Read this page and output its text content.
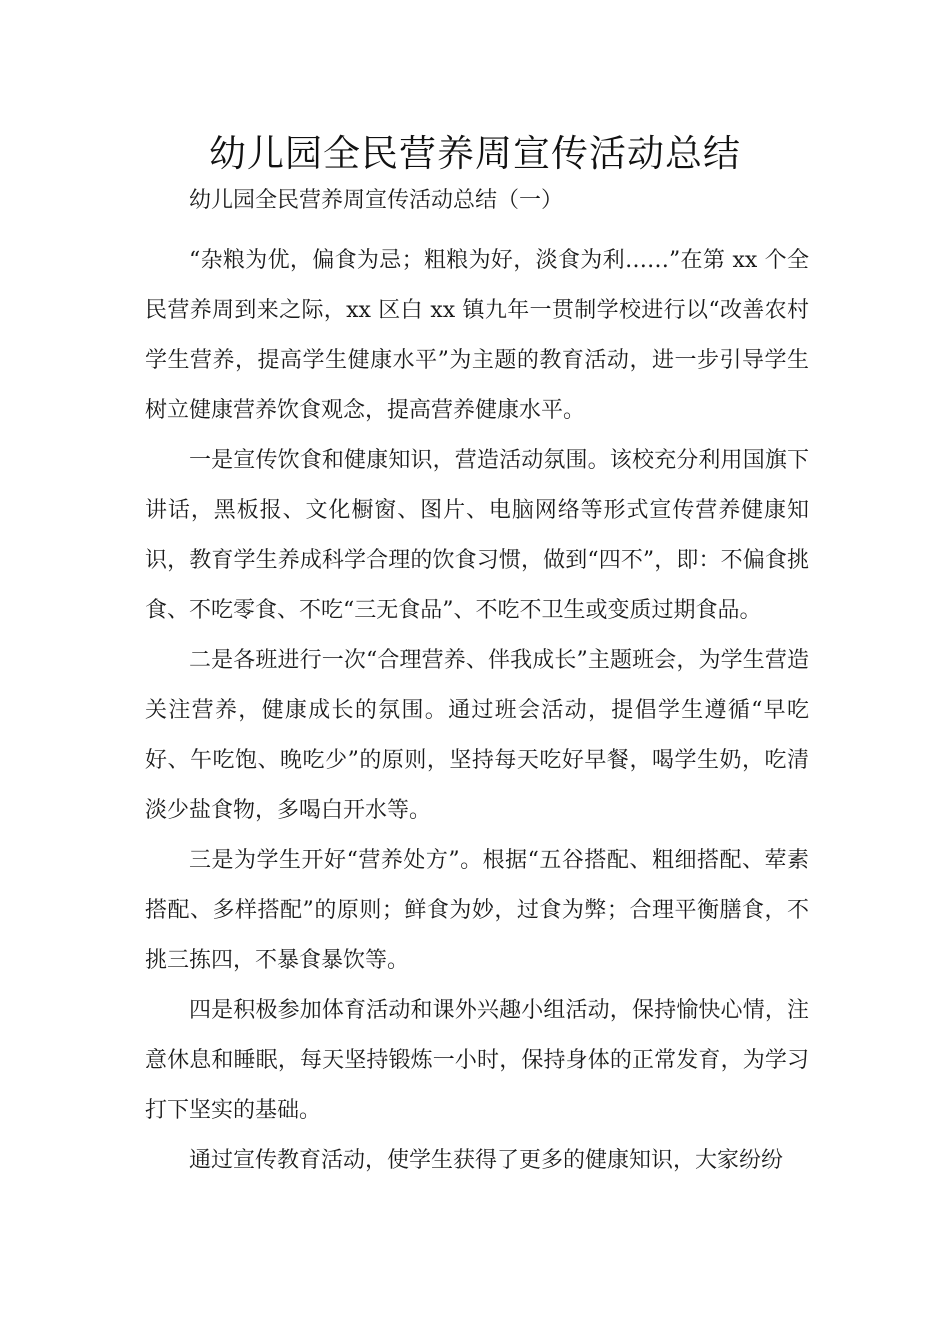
幼儿园全民营养周宣传活动总结

幼儿园全民营养周宣传活动总结（一）

“杂粮为优，偏食为忌；粗粮为好，淡食为利……”在第 xx 个全民营养周到来之际，xx 区白 xx 镇九年一贯制学校进行以“改善农村学生营养，提高学生健康水平”为主题的教育活动，进一步引导学生树立健康营养饮食观念，提高营养健康水平。

一是宣传饮食和健康知识，营造活动氛围。该校充分利用国旗下讲话，黑板报、文化橱窗、图片、电脑网络等形式宣传营养健康知识，教育学生养成科学合理的饮食习惯，做到“四不”，即：不偏食挑食、不吃零食、不吃“三无食品”、不吃不卫生或变质过期食品。

二是各班进行一次“合理营养、伴我成长”主题班会，为学生营造关注营养，健康成长的氛围。通过班会活动，提倡学生遵循“早吃好、午吃饱、晚吃少”的原则，坚持每天吃好早餐，喝学生奶，吃清淡少盐食物，多喝白开水等。

三是为学生开好“营养处方”。根据“五谷搭配、粗细搭配、荤素搭配、多样搭配”的原则；鲜食为妙，过食为弊；合理平衡膳食，不挑三拣四，不暴食暴饮等。

四是积极参加体育活动和课外兴趣小组活动，保持愉快心情，注意休息和睡眠，每天坚持锻炼一小时，保持身体的正常发育，为学习打下坚实的基础。

通过宣传教育活动，使学生获得了更多的健康知识，大家纷纷
